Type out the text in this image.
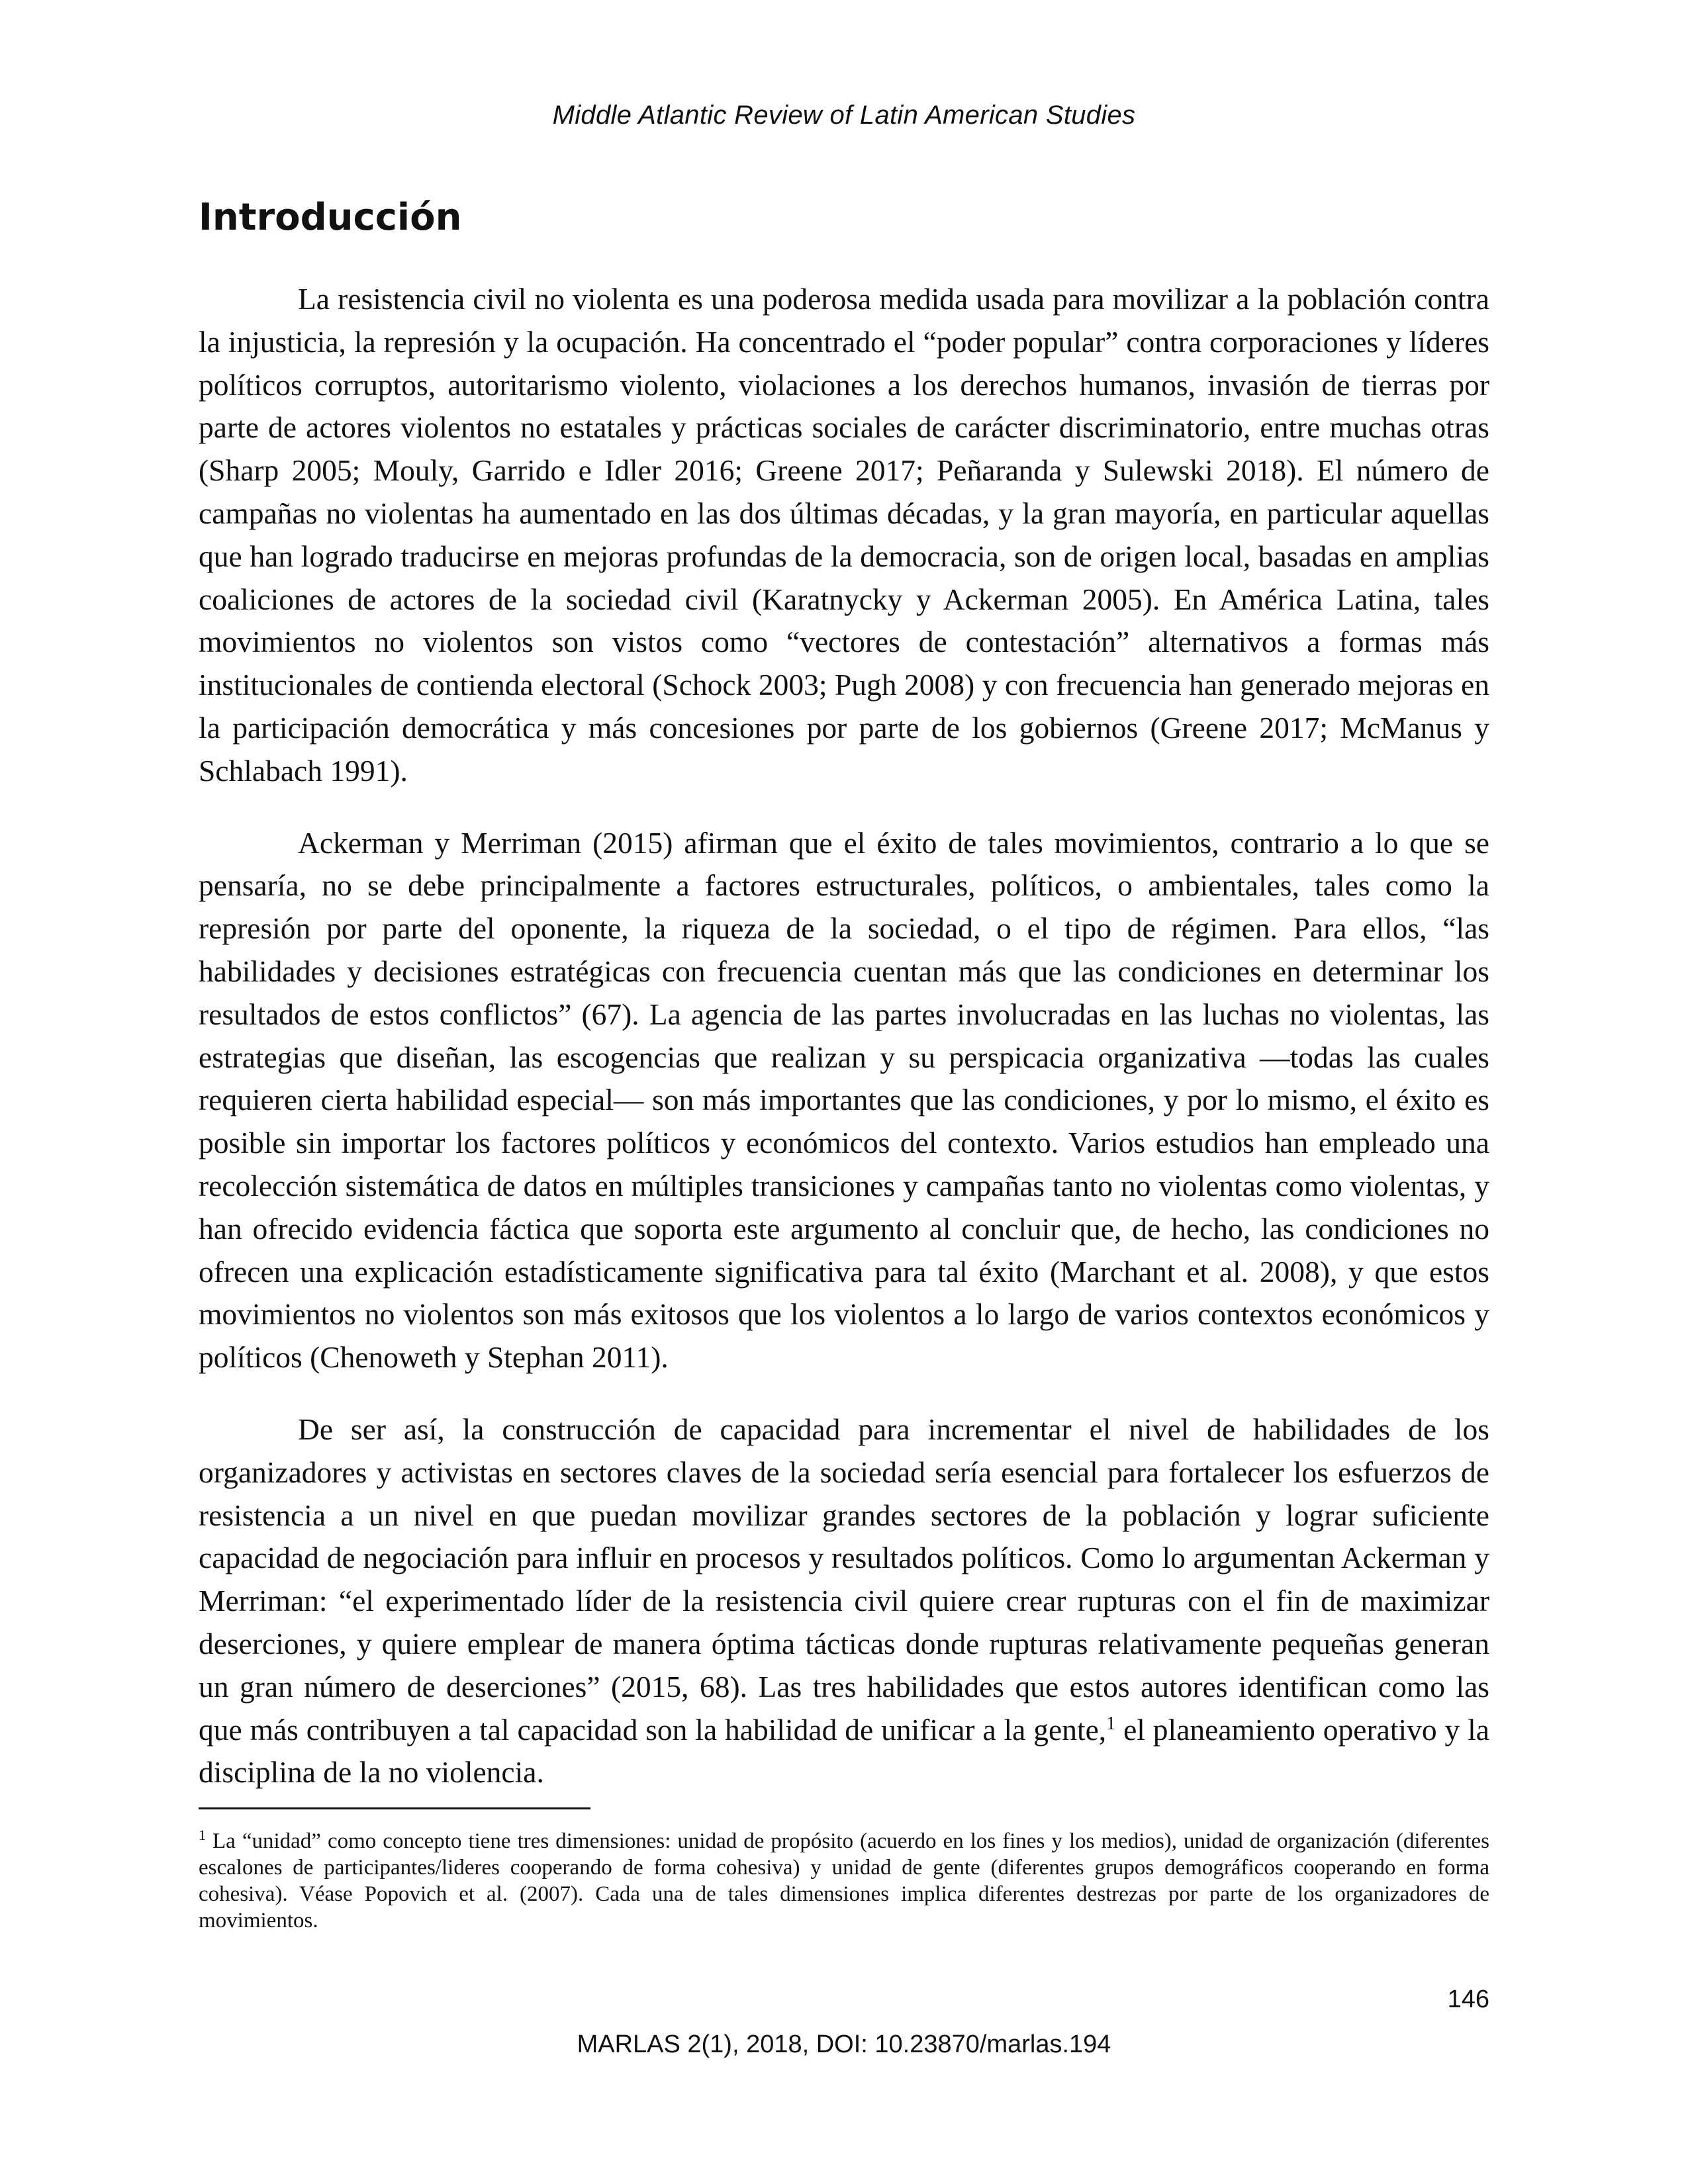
Middle Atlantic Review of Latin American Studies
Introducción

La resistencia civil no violenta es una poderosa medida usada para movilizar a la población contra la injusticia, la represión y la ocupación. Ha concentrado el “poder popular” contra corporaciones y líderes políticos corruptos, autoritarismo violento, violaciones a los derechos humanos, invasión de tierras por parte de actores violentos no estatales y prácticas sociales de carácter discriminatorio, entre muchas otras (Sharp 2005; Mouly, Garrido e Idler 2016; Greene 2017; Peñaranda y Sulewski 2018). El número de campañas no violentas ha aumentado en las dos últimas décadas, y la gran mayoría, en particular aquellas que han logrado traducirse en mejoras profundas de la democracia, son de origen local, basadas en amplias coaliciones de actores de la sociedad civil (Karatnycky y Ackerman 2005). En América Latina, tales movimientos no violentos son vistos como “vectores de contestación” alternativos a formas más institucionales de contienda electoral (Schock 2003; Pugh 2008) y con frecuencia han generado mejoras en la participación democrática y más concesiones por parte de los gobiernos (Greene 2017; McManus y Schlabach 1991).

Ackerman y Merriman (2015) afirman que el éxito de tales movimientos, contrario a lo que se pensaría, no se debe principalmente a factores estructurales, políticos, o ambientales, tales como la represión por parte del oponente, la riqueza de la sociedad, o el tipo de régimen. Para ellos, “las habilidades y decisiones estratégicas con frecuencia cuentan más que las condiciones en determinar los resultados de estos conflictos” (67). La agencia de las partes involucradas en las luchas no violentas, las estrategias que diseñan, las escogencias que realizan y su perspicacia organizativa —todas las cuales requieren cierta habilidad especial— son más importantes que las condiciones, y por lo mismo, el éxito es posible sin importar los factores políticos y económicos del contexto. Varios estudios han empleado una recolección sistemática de datos en múltiples transiciones y campañas tanto no violentas como violentas, y han ofrecido evidencia fáctica que soporta este argumento al concluir que, de hecho, las condiciones no ofrecen una explicación estadísticamente significativa para tal éxito (Marchant et al. 2008), y que estos movimientos no violentos son más exitosos que los violentos a lo largo de varios contextos económicos y políticos (Chenoweth y Stephan 2011).

De ser así, la construcción de capacidad para incrementar el nivel de habilidades de los organizadores y activistas en sectores claves de la sociedad sería esencial para fortalecer los esfuerzos de resistencia a un nivel en que puedan movilizar grandes sectores de la población y lograr suficiente capacidad de negociación para influir en procesos y resultados políticos. Como lo argumentan Ackerman y Merriman: “el experimentado líder de la resistencia civil quiere crear rupturas con el fin de maximizar deserciones, y quiere emplear de manera óptima tácticas donde rupturas relativamente pequeñas generan un gran número de deserciones” (2015, 68). Las tres habilidades que estos autores identifican como las que más contribuyen a tal capacidad son la habilidad de unificar a la gente,$^1$ el planeamiento operativo y la disciplina de la no violencia.

$^1$ La “unidad” como concepto tiene tres dimensiones: unidad de propósito (acuerdo en los fines y los medios), unidad de organización (diferentes escalones de participantes/lideres cooperando de forma cohesiva) y unidad de gente (diferentes grupos demográficos cooperando en forma cohesiva). Véase Popovich et al. (2007). Cada una de tales dimensiones implica diferentes destrezas por parte de los organizadores de movimientos.

146
MARLAS 2(1), 2018, DOI: 10.23870/marlas.194
